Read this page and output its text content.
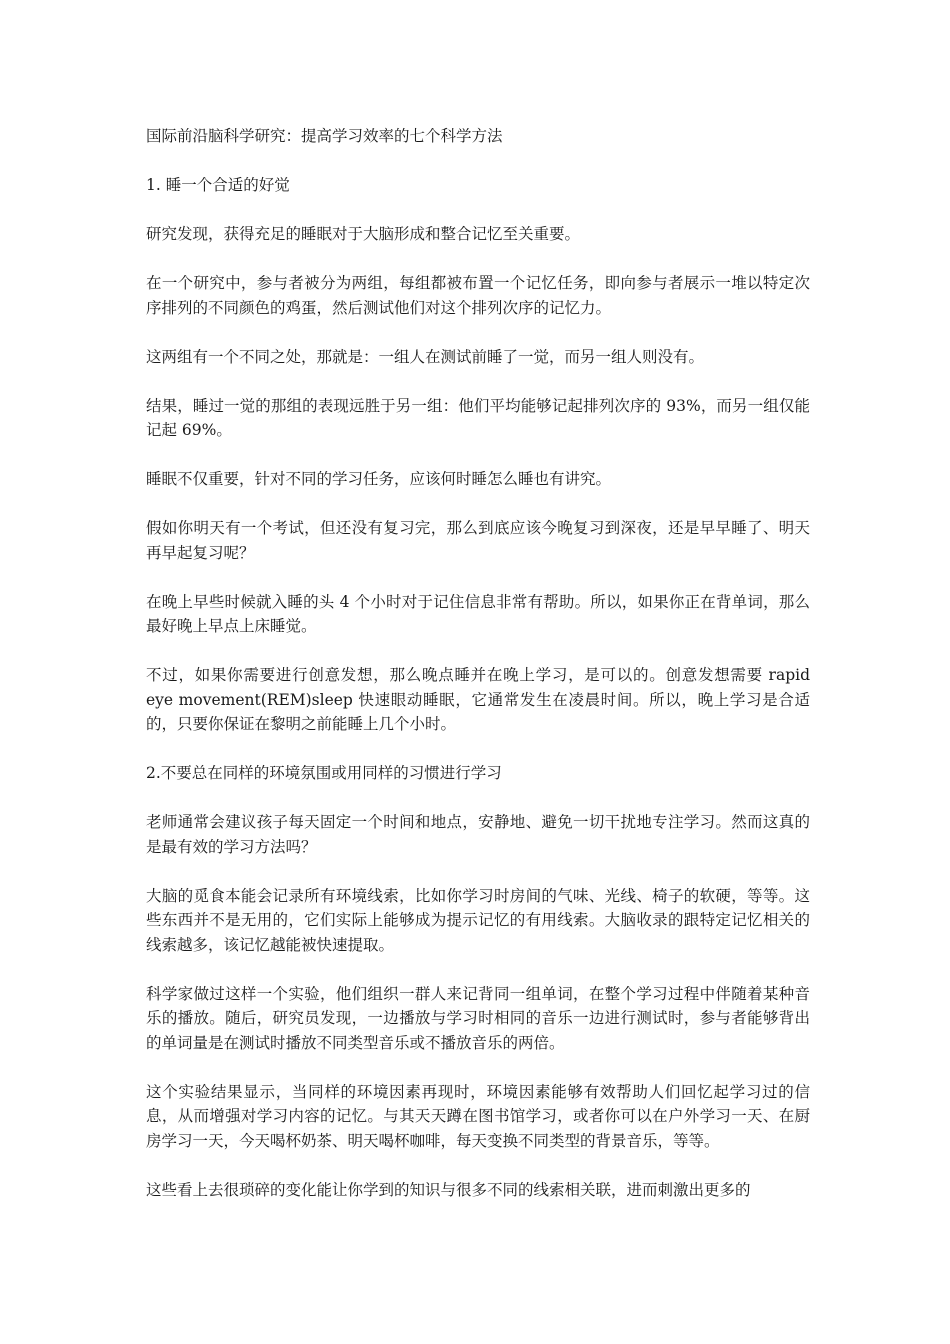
国际前沿脑科学研究：提高学习效率的七个科学方法

1. 睡一个合适的好觉

研究发现，获得充足的睡眠对于大脑形成和整合记忆至关重要。

在一个研究中，参与者被分为两组，每组都被布置一个记忆任务，即向参与者展示一堆以特定次序排列的不同颜色的鸡蛋，然后测试他们对这个排列次序的记忆力。

这两组有一个不同之处，那就是：一组人在测试前睡了一觉，而另一组人则没有。

结果，睡过一觉的那组的表现远胜于另一组：他们平均能够记起排列次序的 93%，而另一组仅能记起 69%。

睡眠不仅重要，针对不同的学习任务，应该何时睡怎么睡也有讲究。

假如你明天有一个考试，但还没有复习完，那么到底应该今晚复习到深夜，还是早早睡了、明天再早起复习呢？

在晚上早些时候就入睡的头 4 个小时对于记住信息非常有帮助。所以，如果你正在背单词，那么最好晚上早点上床睡觉。

不过，如果你需要进行创意发想，那么晚点睡并在晚上学习，是可以的。创意发想需要 rapid eye movement(REM)sleep 快速眼动睡眠，它通常发生在凌晨时间。所以，晚上学习是合适的，只要你保证在黎明之前能睡上几个小时。

2.不要总在同样的环境氛围或用同样的习惯进行学习

老师通常会建议孩子每天固定一个时间和地点，安静地、避免一切干扰地专注学习。然而这真的是最有效的学习方法吗？

大脑的觅食本能会记录所有环境线索，比如你学习时房间的气味、光线、椅子的软硬，等等。这些东西并不是无用的，它们实际上能够成为提示记忆的有用线索。大脑收录的跟特定记忆相关的线索越多，该记忆越能被快速提取。

科学家做过这样一个实验，他们组织一群人来记背同一组单词，在整个学习过程中伴随着某种音乐的播放。随后，研究员发现，一边播放与学习时相同的音乐一边进行测试时，参与者能够背出的单词量是在测试时播放不同类型音乐或不播放音乐的两倍。

这个实验结果显示，当同样的环境因素再现时，环境因素能够有效帮助人们回忆起学习过的信息，从而增强对学习内容的记忆。与其天天蹲在图书馆学习，或者你可以在户外学习一天、在厨房学习一天，今天喝杯奶茶、明天喝杯咖啡，每天变换不同类型的背景音乐，等等。

这些看上去很琐碎的变化能让你学到的知识与很多不同的线索相关联，进而刺激出更多的
